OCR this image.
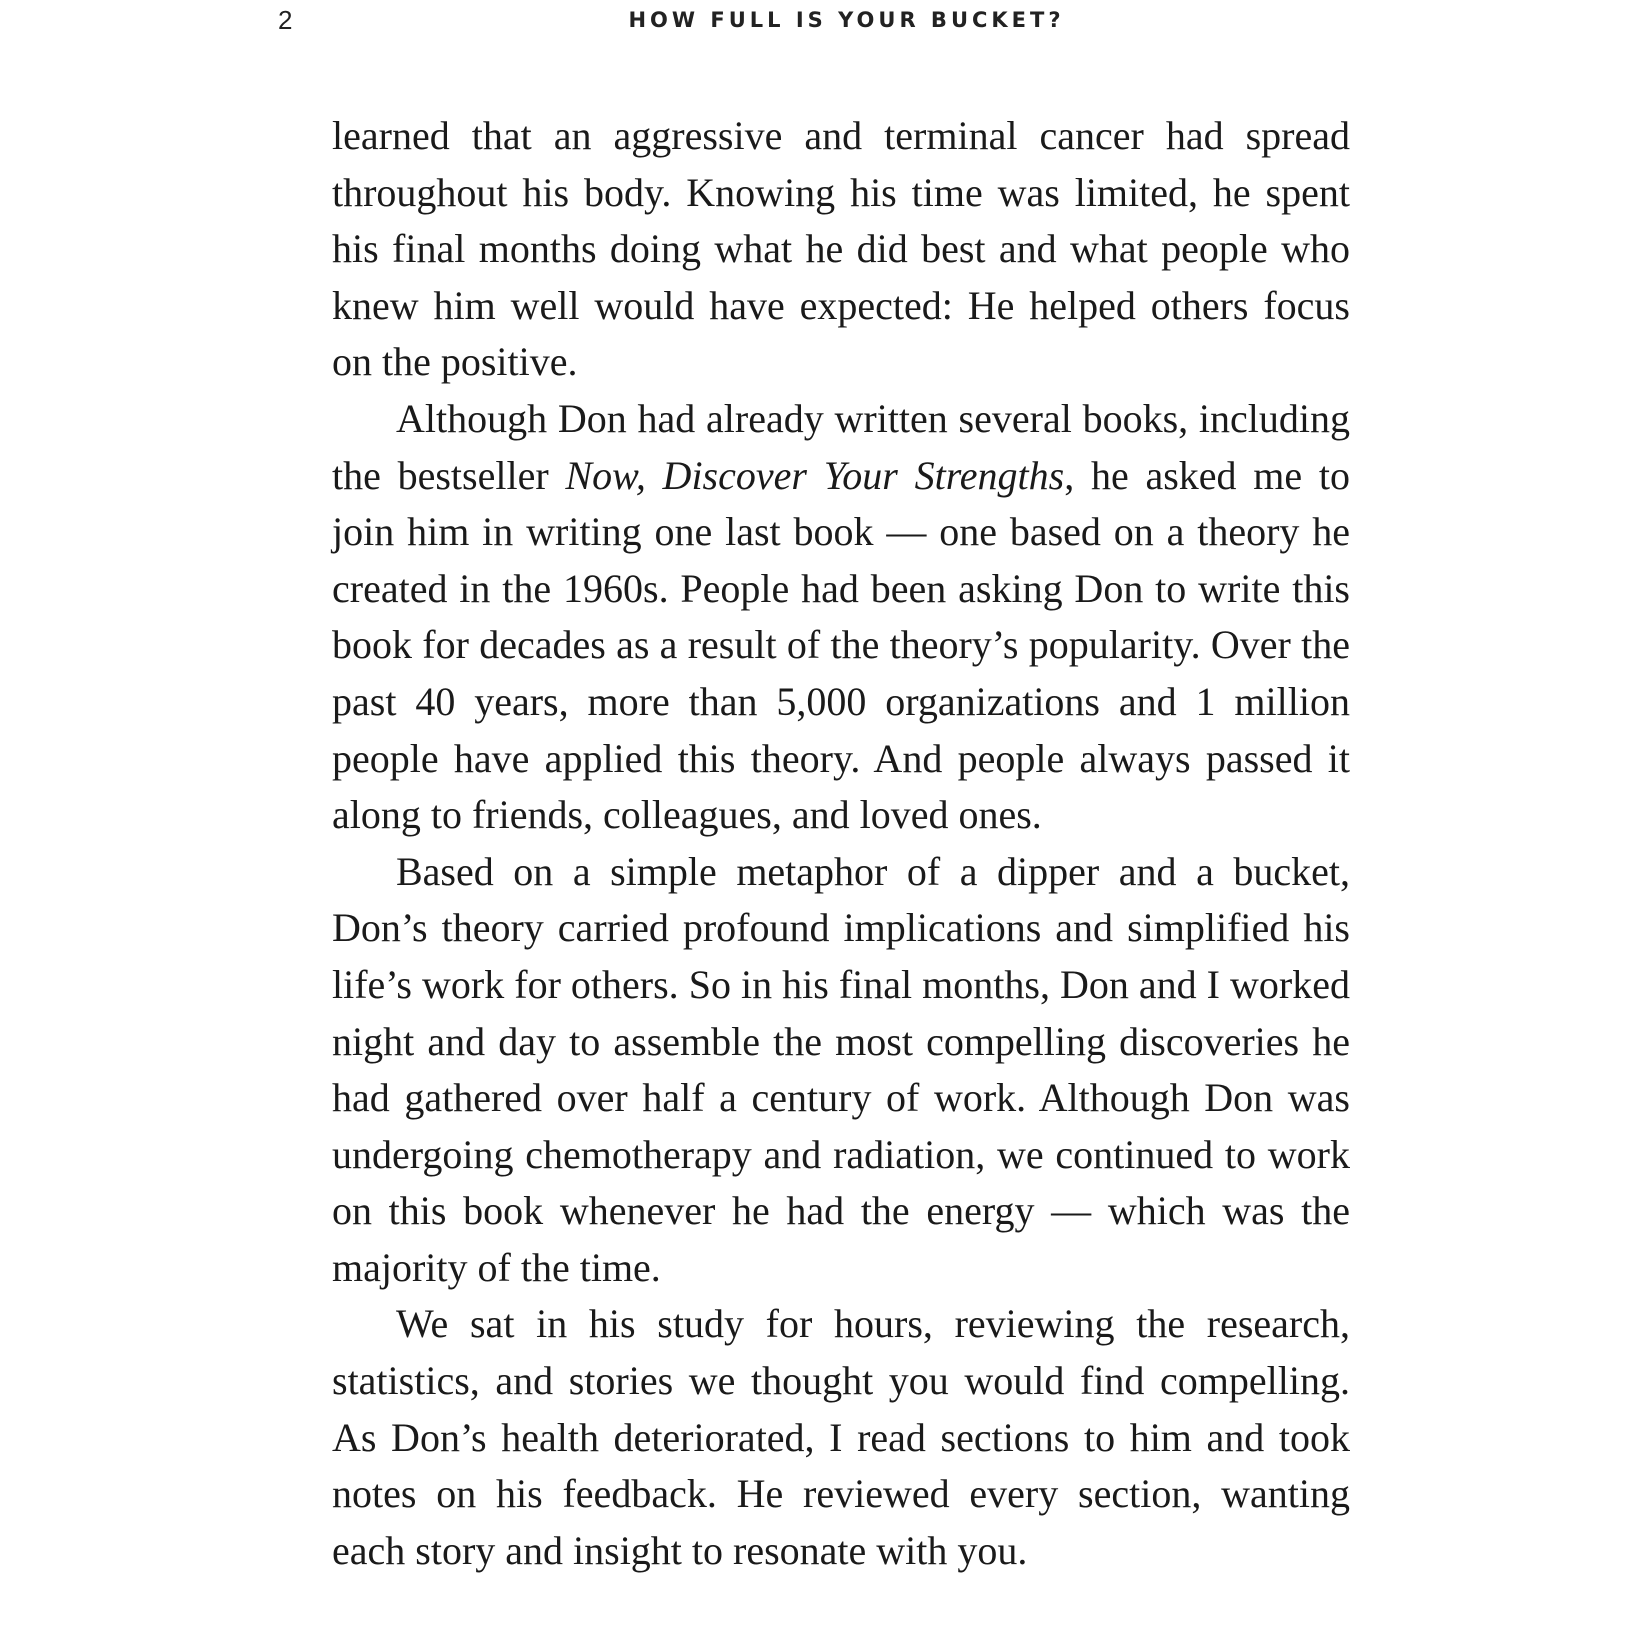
2	HOW FULL IS YOUR BUCKET?

learned that an aggressive and terminal cancer had spread throughout his body. Knowing his time was limited, he spent his final months doing what he did best and what people who knew him well would have expected: He helped others focus on the positive.

Although Don had already written several books, including the bestseller Now, Discover Your Strengths, he asked me to join him in writing one last book — one based on a theory he created in the 1960s. People had been asking Don to write this book for decades as a result of the theory’s popularity. Over the past 40 years, more than 5,000 organizations and 1 million people have applied this theory. And people always passed it along to friends, colleagues, and loved ones.

Based on a simple metaphor of a dipper and a bucket, Don’s theory carried profound implications and simplified his life’s work for others. So in his final months, Don and I worked night and day to assemble the most compelling discoveries he had gathered over half a century of work. Although Don was undergoing chemotherapy and radiation, we continued to work on this book whenever he had the energy — which was the majority of the time.

We sat in his study for hours, reviewing the research, statistics, and stories we thought you would find compelling. As Don’s health deteriorated, I read sections to him and took notes on his feedback. He reviewed every section, wanting each story and insight to resonate with you.
